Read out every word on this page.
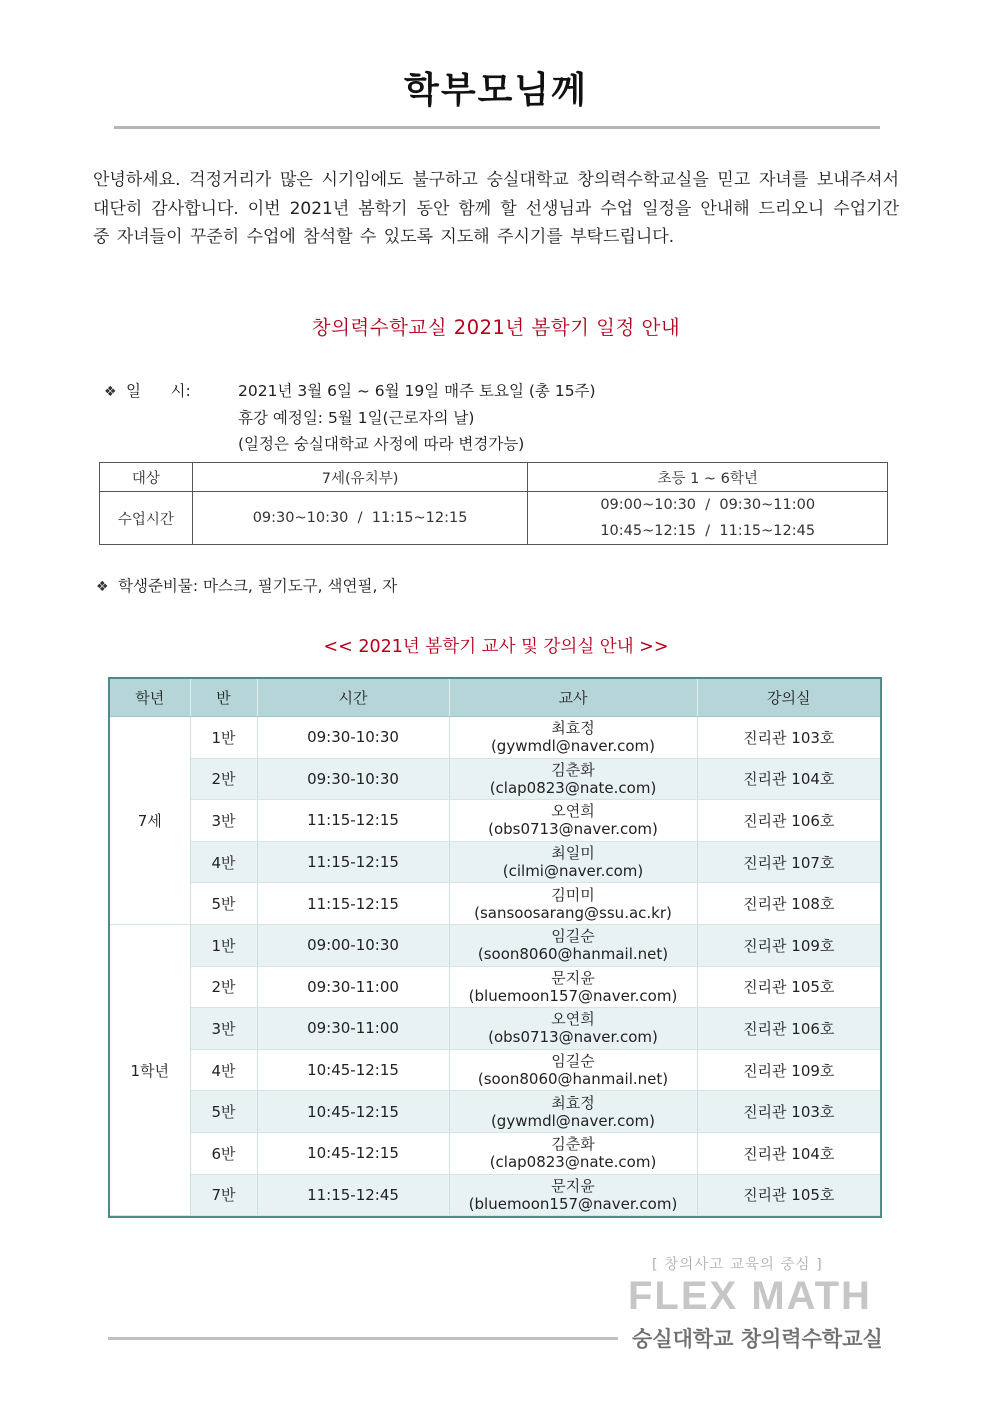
학부모님께
안녕하세요. 걱정거리가 많은 시기임에도 불구하고 숭실대학교 창의력수학교실을 믿고 자녀를 보내주셔서 대단히 감사합니다. 이번 2021년 봄학기 동안 함께 할 선생님과 수업 일정을 안내해 드리오니 수업기간 중 자녀들이 꾸준히 수업에 참석할 수 있도록 지도해 주시기를 부탁드립니다.
창의력수학교실 2021년 봄학기 일정 안내
❖ 일      시:	2021년 3월 6일 ~ 6월 19일 매주 토요일 (총 15주)
휴강 예정일: 5월 1일(근로자의 날)
(일정은 숭실대학교 사정에 따라 변경가능)
대상	7세(유치부)	초등 1 ~ 6학년
수업시간	09:30~10:30  /  11:15~12:15	09:00~10:30  /  09:30~11:00
10:45~12:15  /  11:15~12:45
❖ 학생준비물: 마스크, 필기도구, 색연필, 자
<< 2021년 봄학기 교사 및 강의실 안내 >>
학년	반	시간	교사	강의실
7세	1반	09:30-10:30	최효정
(gywmdl@naver.com)	진리관 103호
	2반	09:30-10:30	김춘화
(clap0823@nate.com)	진리관 104호
	3반	11:15-12:15	오연희
(obs0713@naver.com)	진리관 106호
	4반	11:15-12:15	최일미
(cilmi@naver.com)	진리관 107호
	5반	11:15-12:15	김미미
(sansoosarang@ssu.ac.kr)	진리관 108호
1학년	1반	09:00-10:30	임길순
(soon8060@hanmail.net)	진리관 109호
	2반	09:30-11:00	문지윤
(bluemoon157@naver.com)	진리관 105호
	3반	09:30-11:00	오연희
(obs0713@naver.com)	진리관 106호
	4반	10:45-12:15	임길순
(soon8060@hanmail.net)	진리관 109호
	5반	10:45-12:15	최효정
(gywmdl@naver.com)	진리관 103호
	6반	10:45-12:15	김춘화
(clap0823@nate.com)	진리관 104호
	7반	11:15-12:45	문지윤
(bluemoon157@naver.com)	진리관 105호
[ 창의사고 교육의 중심 ]
FLEX MATH
숭실대학교 창의력수학교실
